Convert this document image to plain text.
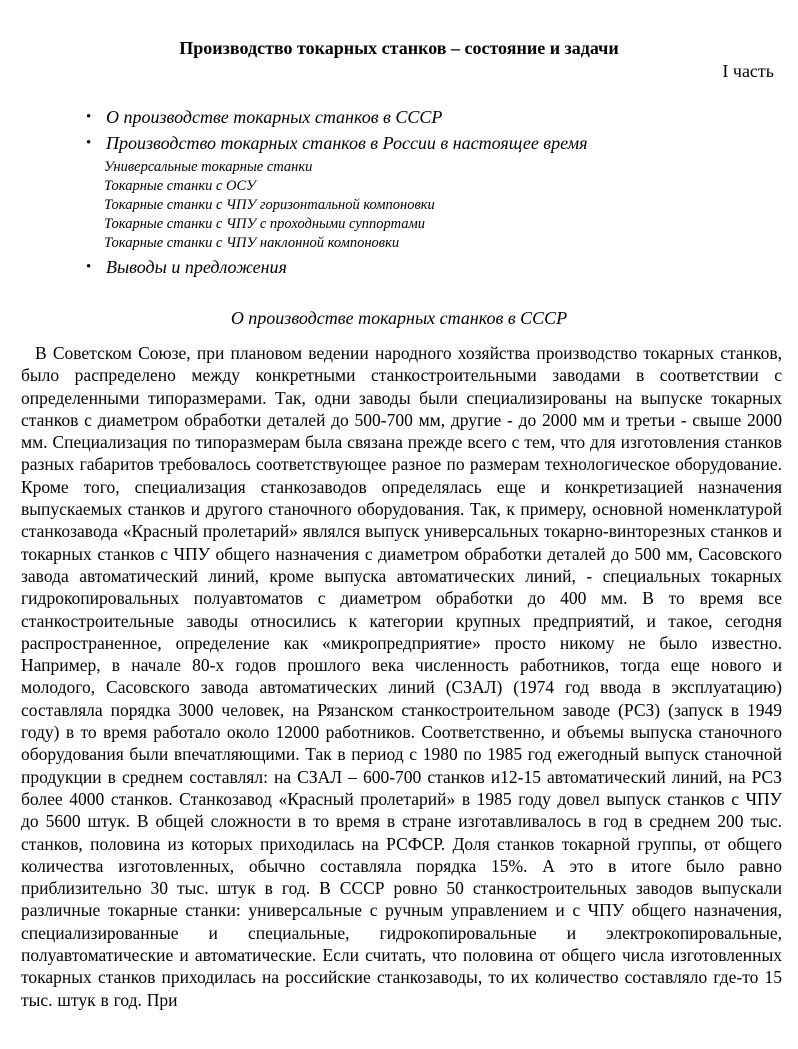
Производство токарных станков – состояние и задачи
I часть
• О производстве токарных станков в СССР
• Производство токарных станков в России в настоящее время
Универсальные токарные станки
Токарные станки с ОСУ
Токарные станки с ЧПУ горизонтальной компоновки
Токарные станки с ЧПУ с проходными суппортами
Токарные станки с ЧПУ наклонной компоновки
• Выводы и предложения
О производстве токарных станков в СССР

В Советском Союзе, при плановом ведении народного хозяйства производство токарных станков, было распределено между конкретными станкостроительными заводами в соответствии с определенными типоразмерами. Так, одни заводы были специализированы на выпуске токарных станков с диаметром обработки деталей до 500-700 мм, другие - до 2000 мм и третьи - свыше 2000 мм. Специализация по типоразмерам была связана прежде всего с тем, что для изготовления станков разных габаритов требовалось соответствующее разное по размерам технологическое оборудование. Кроме того, специализация станкозаводов определялась еще и конкретизацией назначения выпускаемых станков и другого станочного оборудования. Так, к примеру, основной номенклатурой станкозавода «Красный пролетарий» являлся выпуск универсальных токарно-винторезных станков и токарных станков с ЧПУ общего назначения с диаметром обработки деталей до 500 мм, Сасовского завода автоматический линий, кроме выпуска автоматических линий, - специальных токарных гидрокопировальных полуавтоматов с диаметром обработки до 400 мм. В то время все станкостроительные заводы относились к категории крупных предприятий, и такое, сегодня распространенное, определение как «микропредприятие» просто никому не было известно. Например, в начале 80-х годов прошлого века численность работников, тогда еще нового и молодого, Сасовского завода автоматических линий (СЗАЛ) (1974 год ввода в эксплуатацию) составляла порядка 3000 человек, на Рязанском станкостроительном заводе (РСЗ) (запуск в 1949 году) в то время работало около 12000 работников. Соответственно, и объемы выпуска станочного оборудования были впечатляющими. Так в период с 1980 по 1985 год ежегодный выпуск станочной продукции в среднем составлял: на СЗАЛ – 600-700 станков и12-15 автоматический линий, на РСЗ более 4000 станков. Станкозавод «Красный пролетарий» в 1985 году довел выпуск станков с ЧПУ до 5600 штук. В общей сложности в то время в стране изготавливалось в год в среднем 200 тыс. станков, половина из которых приходилась на РСФСР. Доля станков токарной группы, от общего количества изготовленных, обычно составляла порядка 15%. А это в итоге было равно приблизительно 30 тыс. штук в год. В СССР ровно 50 станкостроительных заводов выпускали различные токарные станки: универсальные с ручным управлением и с ЧПУ общего назначения, специализированные и специальные, гидрокопировальные и электрокопировальные, полуавтоматические и автоматические. Если считать, что половина от общего числа изготовленных токарных станков приходилась на российские станкозаводы, то их количество составляло где-то 15 тыс. штук в год. При
